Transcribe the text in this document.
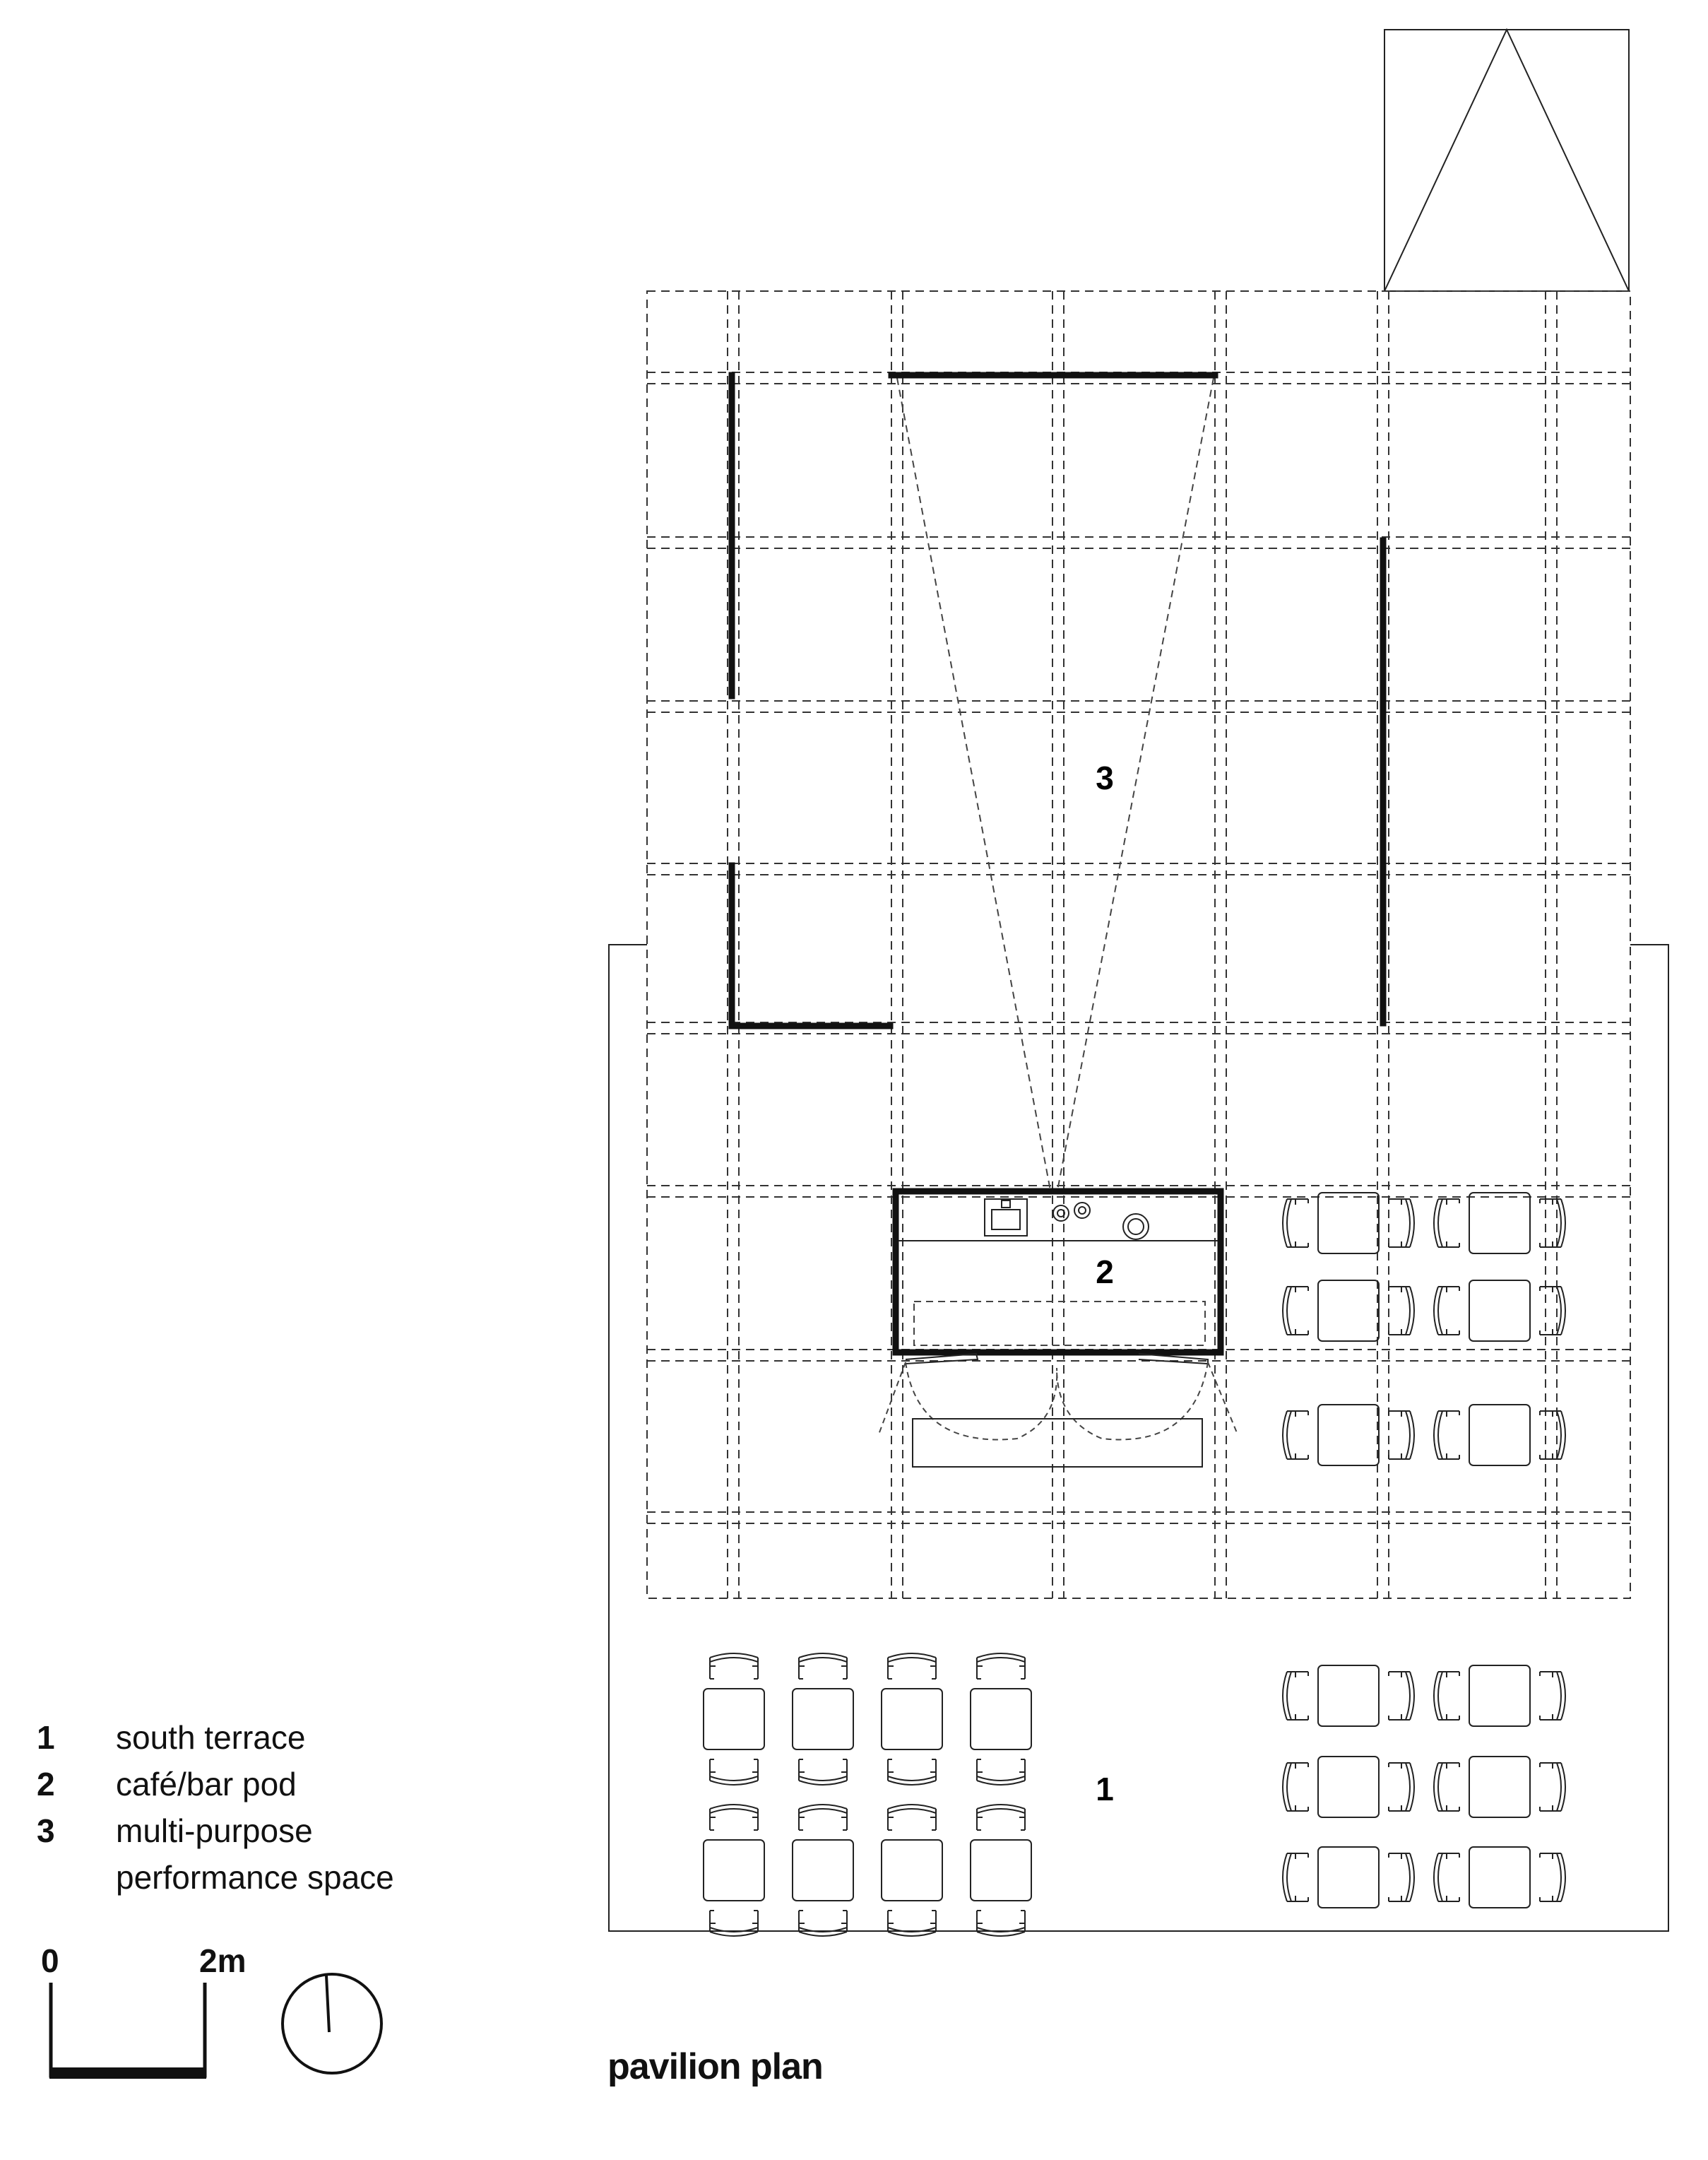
3
2
1
1	south terrace
2	café/bar pod
3	multi-purpose
performance space
0	2m
pavilion plan
